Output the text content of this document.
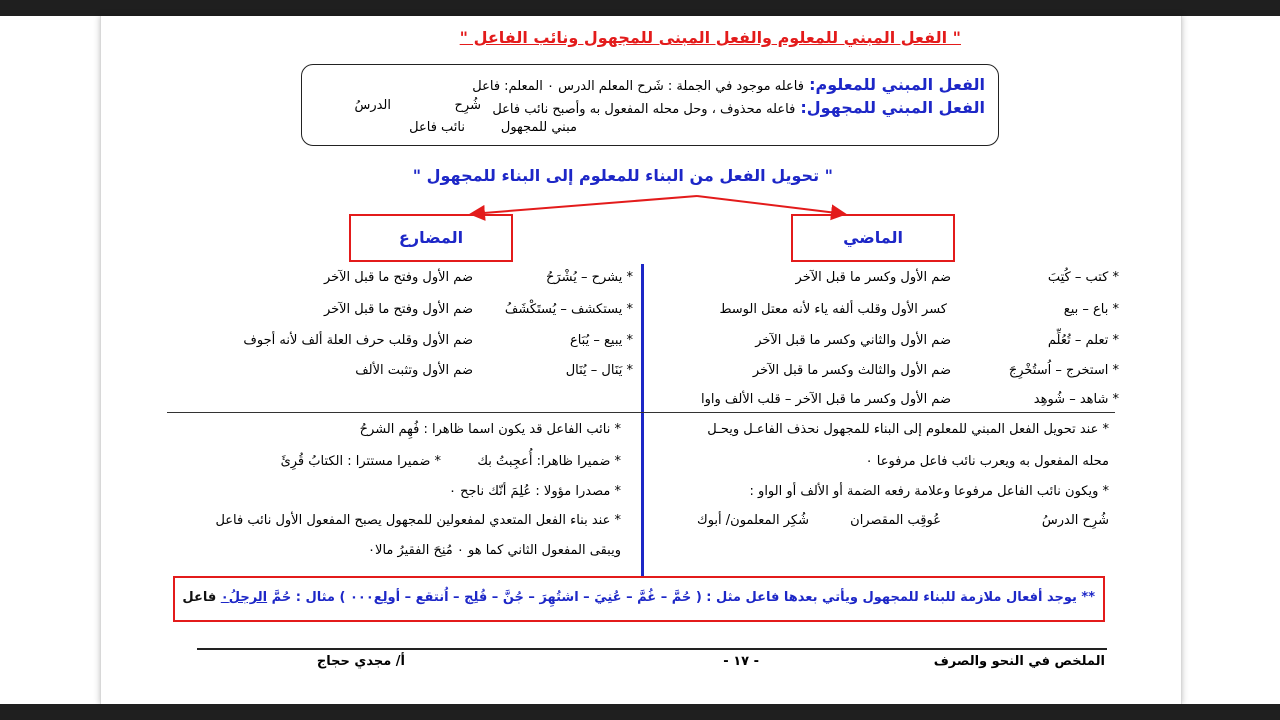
" الفعل المبني للمعلوم والفعل المبنى للمجهول ونائب الفاعل "
الفعل المبني للمعلوم: فاعله موجود في الجملة : شَرح المعلم الدرس ٠ المعلم: فاعل
الفعل المبني للمجهول: فاعله محذوف ، وحل محله المفعول به وأصبح نائب فاعل
شُرِح
الدرسُ
مبني للمجهول
نائب فاعل
" تحويل الفعل من البناء للمعلوم إلى البناء للمجهول "
المضارع	الماضي
* كتب – كُتِبَ
ضم الأول وكسر ما قبل الآخر
* باع – بيع
كسر الأول وقلب ألفه ياء لأنه معتل الوسط
* تعلم – تُعُلِّم
ضم الأول والثاني وكسر ما قبل الآخر
* استخرج – اُستُخْرِجَ
ضم الأول والثالث وكسر ما قبل الآخر
* شاهد – شُوهِد
ضم الأول وكسر ما قبل الآخر – قلب الألف واوا
* يشرح – يُشْرَحُ
ضم الأول وفتح ما قبل الآخر
* يستكشف – يُستَكْشَفُ
ضم الأول وفتح ما قبل الآخر
* يبيع – يُبَاع
ضم الأول وقلب حرف العلة ألف لأنه أجوف
* يَنَال – يُنَال
ضم الأول وتثبت الألف
* عند تحويل الفعل المبني للمعلوم إلى البناء للمجهول نحذف الفاعـل ويحـل
محله المفعول به ويعرب نائب فاعل مرفوعا ٠
* ويكون نائب الفاعل مرفوعا وعلامة رفعه الضمة أو الألف أو الواو :
شُرِح الدرسُ
عُوقِب المقصران
شُكِر المعلمون/ أبوك
* نائب الفاعل قد يكون اسما ظاهرا : فُهِم الشرحُ
* ضميرا ظاهرا: أُعجِبتُ بك
* ضميرا مستترا : الكتابُ قُرِئَ
* مصدرا مؤولا : عُلِمَ أنّك ناجح ٠
* عند بناء الفعل المتعدي لمفعولين للمجهول يصبح المفعول الأول نائب فاعل
ويبقى المفعول الثاني كما هو ٠ مُنِحَ الفقيرُ مالا٠
** يوجد أفعال ملازمة للبناء للمجهول ويأتي بعدها فاعل مثل : ( حُمَّ – غُمَّ – عُنِيَ – اشتُهِرَ – جُنَّ – فُلِج – اُنتقع – أولِع٠٠٠ ) مثال : حُمَّ الرجلُ٠ فاعل
الملخص في النحو والصرف
- ١٧ -
أ/ مجدي حجاج
